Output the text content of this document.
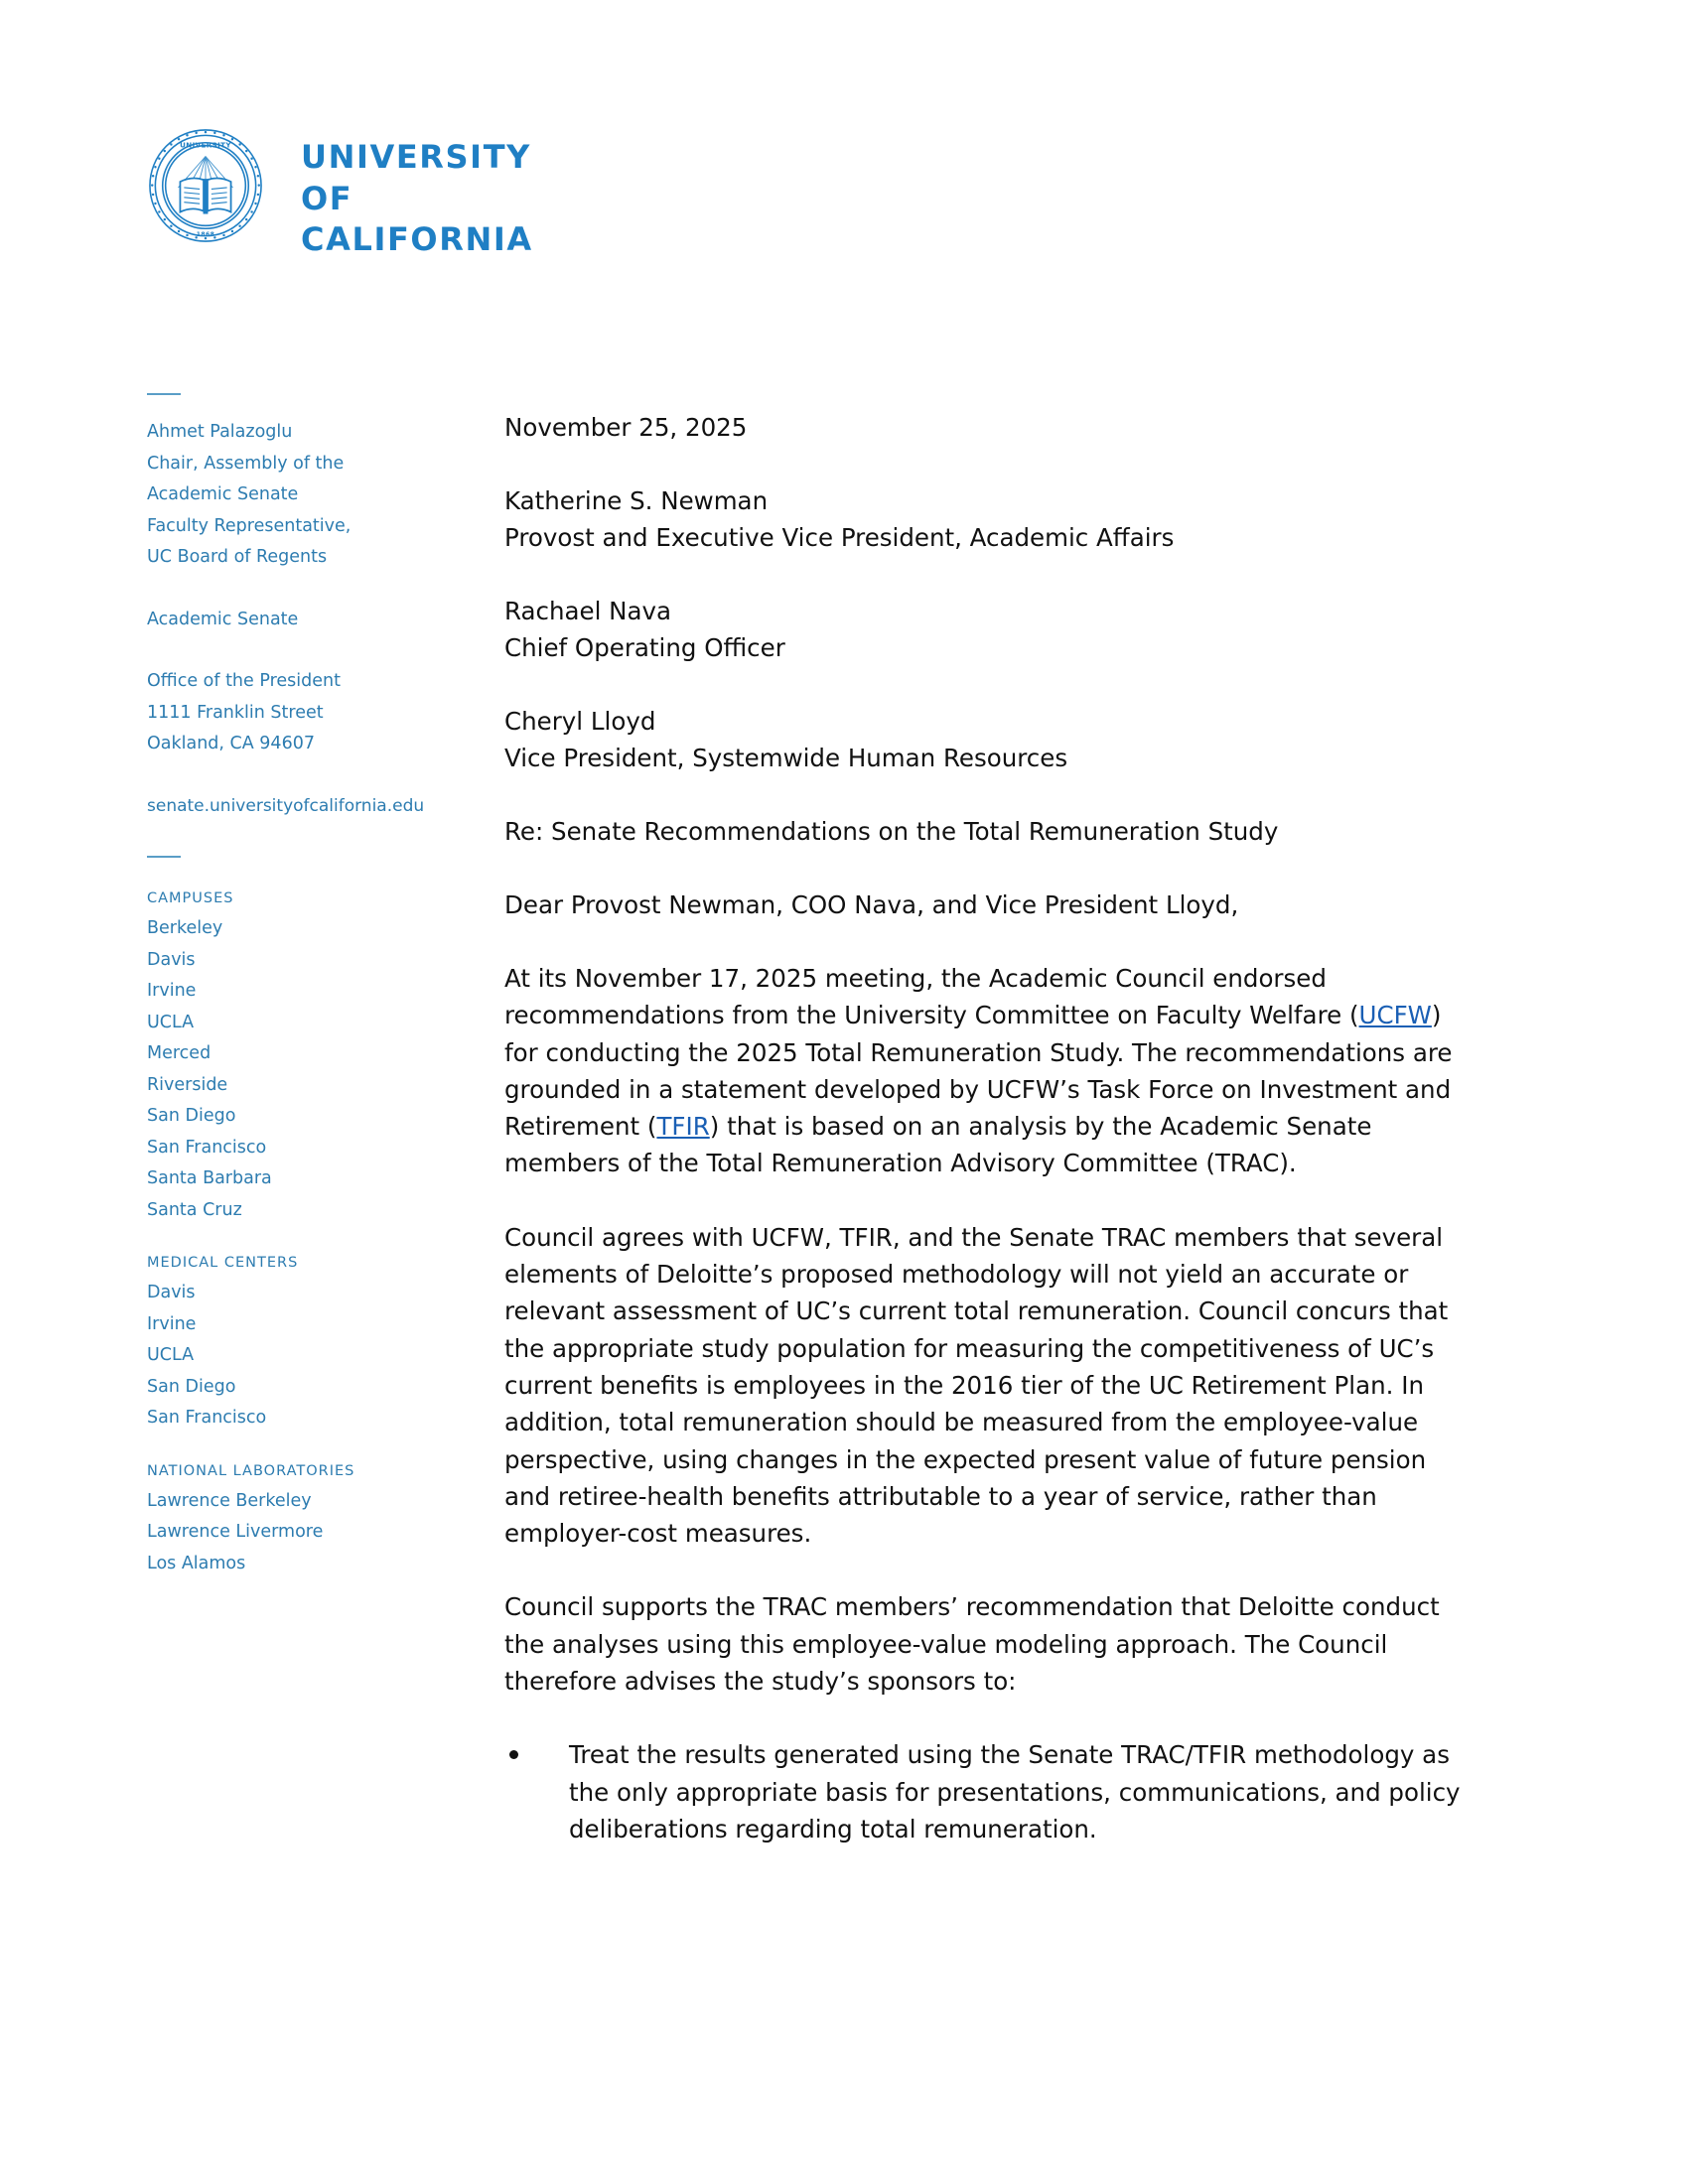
UNIVERSITY
1868
UNIVERSITY
OF
CALIFORNIA
Ahmet Palazoglu
Chair, Assembly of the
Academic Senate
Faculty Representative,
UC Board of Regents
Academic Senate
Office of the President
1111 Franklin Street
Oakland, CA 94607
senate.universityofcalifornia.edu
CAMPUSES
Berkeley
Davis
Irvine
UCLA
Merced
Riverside
San Diego
San Francisco
Santa Barbara
Santa Cruz
MEDICAL CENTERS
Davis
Irvine
UCLA
San Diego
San Francisco
NATIONAL LABORATORIES
Lawrence Berkeley
Lawrence Livermore
Los Alamos
November 25, 2025
Katherine S. Newman
Provost and Executive Vice President, Academic Affairs
Rachael Nava
Chief Operating Officer
Cheryl Lloyd
Vice President, Systemwide Human Resources
Re: Senate Recommendations on the Total Remuneration Study
Dear Provost Newman, COO Nava, and Vice President Lloyd,

At its November 17, 2025 meeting, the Academic Council endorsed recommendations from the University Committee on Faculty Welfare (UCFW) for conducting the 2025 Total Remuneration Study. The recommendations are grounded in a statement developed by UCFW’s Task Force on Investment and Retirement (TFIR) that is based on an analysis by the Academic Senate members of the Total Remuneration Advisory Committee (TRAC).

Council agrees with UCFW, TFIR, and the Senate TRAC members that several elements of Deloitte’s proposed methodology will not yield an accurate or relevant assessment of UC’s current total remuneration. Council concurs that the appropriate study population for measuring the competitiveness of UC’s current benefits is employees in the 2016 tier of the UC Retirement Plan. In addition, total remuneration should be measured from the employee-value perspective, using changes in the expected present value of future pension and retiree-health benefits attributable to a year of service, rather than employer-cost measures.

Council supports the TRAC members’ recommendation that Deloitte conduct the analyses using this employee-value modeling approach. The Council therefore advises the study’s sponsors to:

Treat the results generated using the Senate TRAC/TFIR methodology as the only appropriate basis for presentations, communications, and policy deliberations regarding total remuneration.
